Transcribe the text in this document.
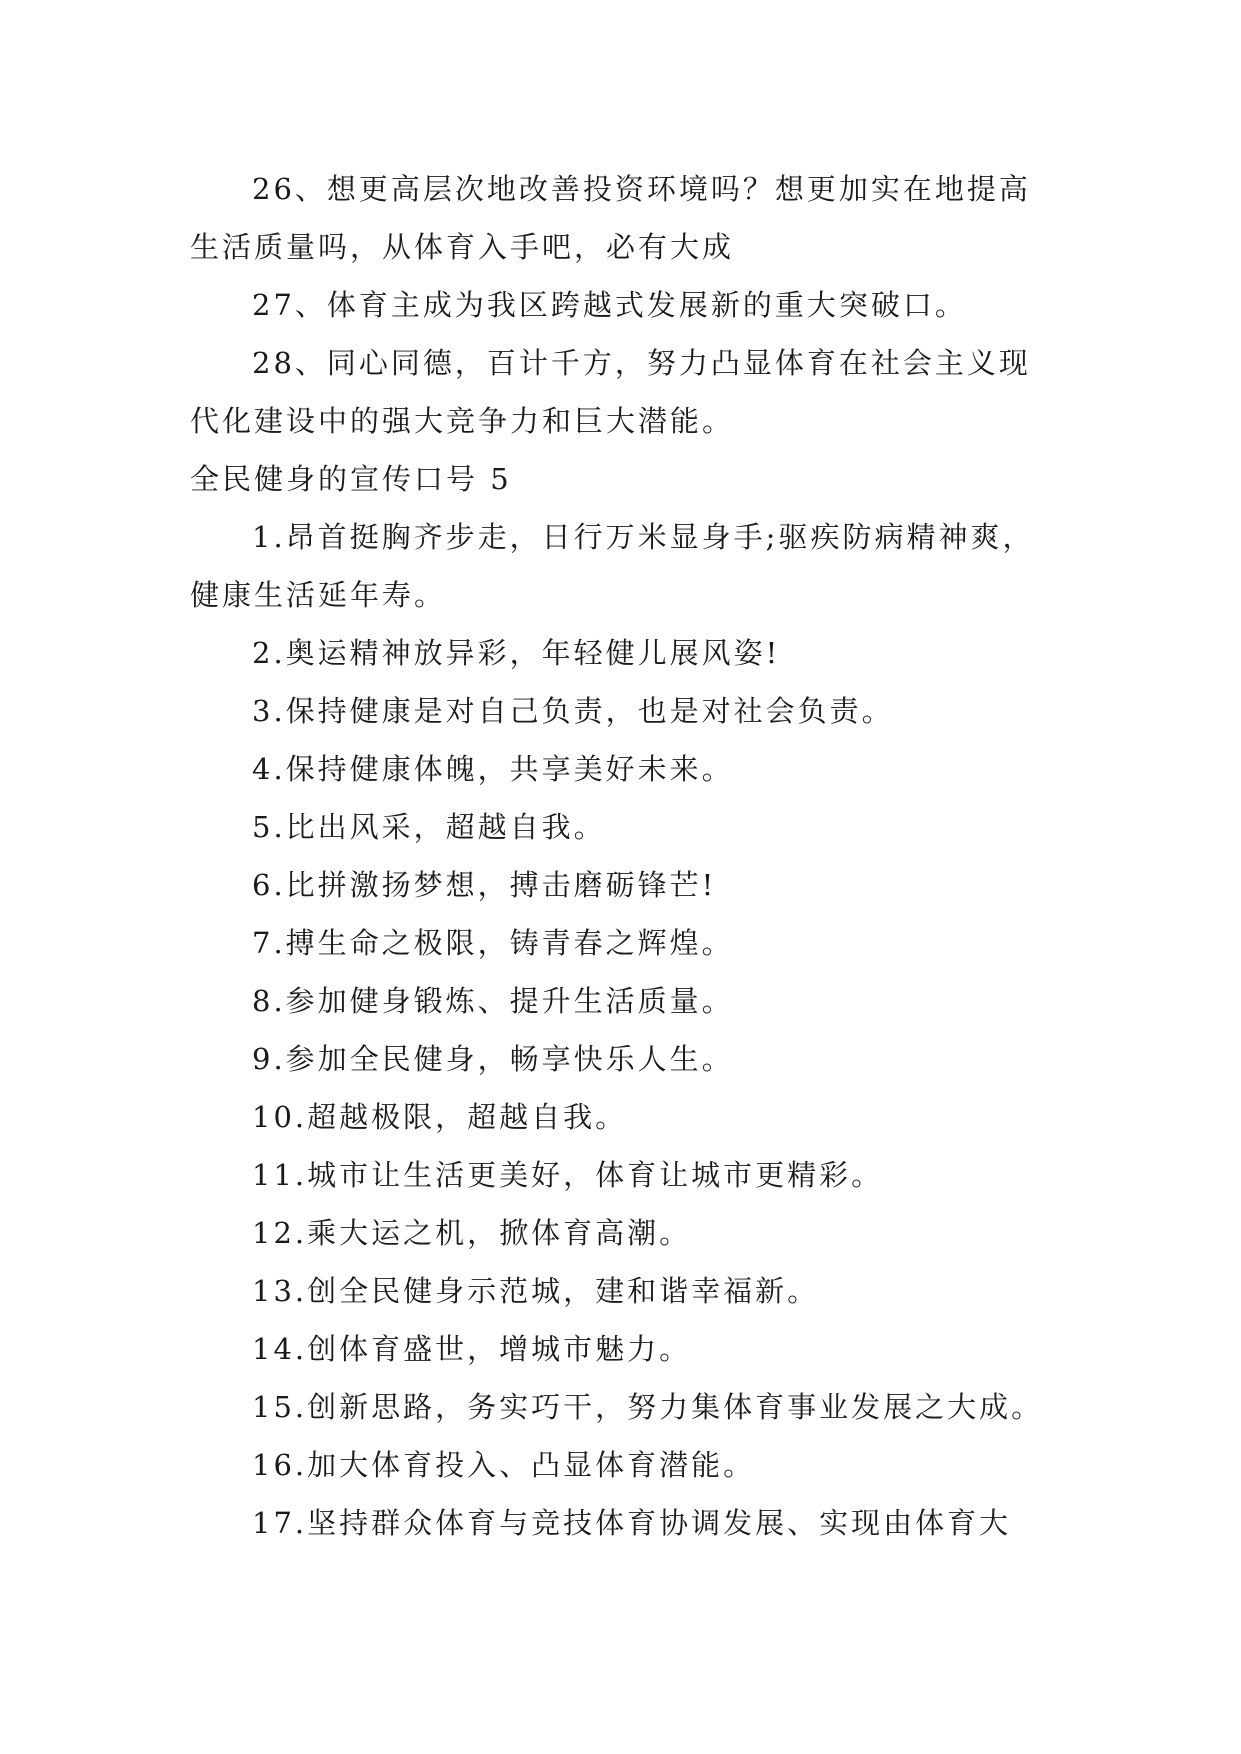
26、想更高层次地改善投资环境吗？想更加实在地提高
生活质量吗，从体育入手吧，必有大成
27、体育主成为我区跨越式发展新的重大突破口。
28、同心同德，百计千方，努力凸显体育在社会主义现
代化建设中的强大竞争力和巨大潜能。
全民健身的宣传口号 5
1.昂首挺胸齐步走，日行万米显身手;驱疾防病精神爽，
健康生活延年寿。
2.奥运精神放异彩，年轻健儿展风姿!
3.保持健康是对自己负责，也是对社会负责。
4.保持健康体魄，共享美好未来。
5.比出风采，超越自我。
6.比拼激扬梦想，搏击磨砺锋芒!
7.搏生命之极限，铸青春之辉煌。
8.参加健身锻炼、提升生活质量。
9.参加全民健身，畅享快乐人生。
10.超越极限，超越自我。
11.城市让生活更美好，体育让城市更精彩。
12.乘大运之机，掀体育高潮。
13.创全民健身示范城，建和谐幸福新。
14.创体育盛世，增城市魅力。
15.创新思路，务实巧干，努力集体育事业发展之大成。
16.加大体育投入、凸显体育潜能。
17.坚持群众体育与竞技体育协调发展、实现由体育大
